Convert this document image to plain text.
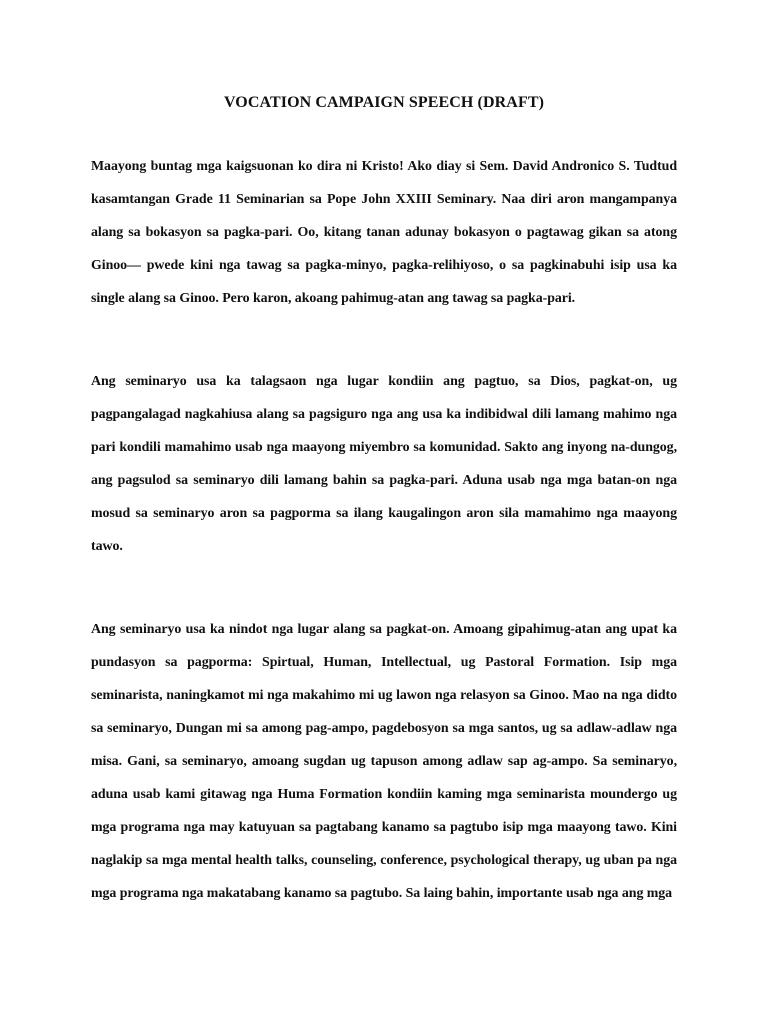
VOCATION CAMPAIGN SPEECH (DRAFT)

Maayong buntag mga kaigsuonan ko dira ni Kristo! Ako diay si Sem. David Andronico S. Tudtud kasamtangan Grade 11 Seminarian sa Pope John XXIII Seminary. Naa diri aron mangampanya alang sa bokasyon sa pagka-pari. Oo, kitang tanan adunay bokasyon o pagtawag gikan sa atong Ginoo— pwede kini nga tawag sa pagka-minyo, pagka-relihiyoso, o sa pagkinabuhi isip usa ka single alang sa Ginoo. Pero karon, akoang pahimug-atan ang tawag sa pagka-pari.

Ang seminaryo usa ka talagsaon nga lugar kondiin ang pagtuo, sa Dios, pagkat-on, ug pagpangalagad nagkahiusa alang sa pagsiguro nga ang usa ka indibidwal dili lamang mahimo nga pari kondili mamahimo usab nga maayong miyembro sa komunidad. Sakto ang inyong na-dungog, ang pagsulod sa seminaryo dili lamang bahin sa pagka-pari. Aduna usab nga mga batan-on nga mosud sa seminaryo aron sa pagporma sa ilang kaugalingon aron sila mamahimo nga maayong tawo.

Ang seminaryo usa ka nindot nga lugar alang sa pagkat-on. Amoang gipahimug-atan ang upat ka pundasyon sa pagporma: Spirtual, Human, Intellectual, ug Pastoral Formation. Isip mga seminarista, naningkamot mi nga makahimo mi ug lawon nga relasyon sa Ginoo. Mao na nga didto sa seminaryo, Dungan mi sa among pag-ampo, pagdebosyon sa mga santos, ug sa adlaw-adlaw nga misa. Gani, sa seminaryo, amoang sugdan ug tapuson among adlaw sap ag-ampo. Sa seminaryo, aduna usab kami gitawag nga Huma Formation kondiin kaming mga seminarista moundergo ug mga programa nga may katuyuan sa pagtabang kanamo sa pagtubo isip mga maayong tawo. Kini naglakip sa mga mental health talks, counseling, conference, psychological therapy, ug uban pa nga mga programa nga makatabang kanamo sa pagtubo. Sa laing bahin, importante usab nga ang mga
